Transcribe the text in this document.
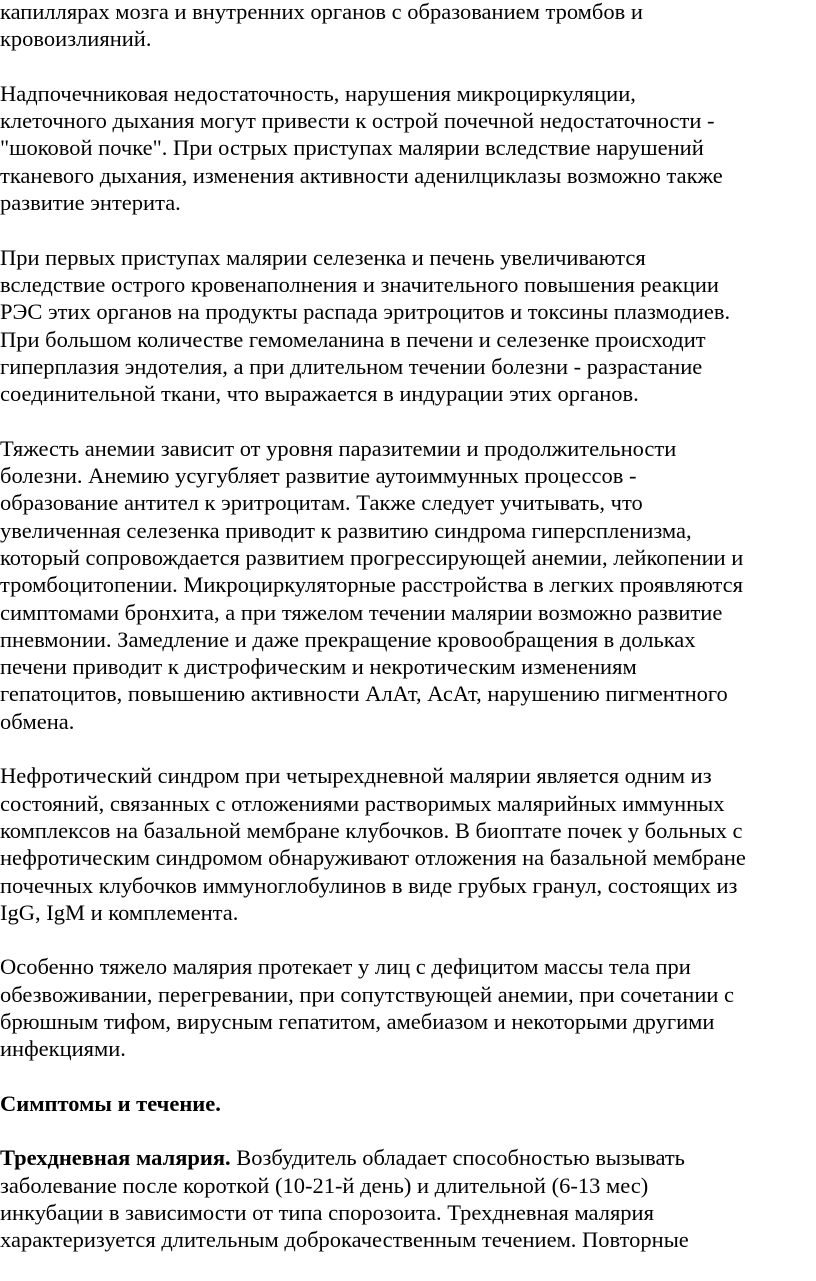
капиллярах мозга и внутренних органов с образованием тромбов и
кровоизлияний.

Надпочечниковая недостаточность, нарушения микроциркуляции,
клеточного дыхания могут привести к острой почечной недостаточности -
"шоковой почке". При острых приступах малярии вследствие нарушений
тканевого дыхания, изменения активности аденилциклазы возможно также
развитие энтерита.

При первых приступах малярии селезенка и печень увеличиваются
вследствие острого кровенаполнения и значительного повышения реакции
РЭС этих органов на продукты распада эритроцитов и токсины плазмодиев.
При большом количестве гемомеланина в печени и селезенке происходит
гиперплазия эндотелия, а при длительном течении болезни - разрастание
соединительной ткани, что выражается в индурации этих органов.

Тяжесть анемии зависит от уровня паразитемии и продолжительности
болезни. Анемию усугубляет развитие аутоиммунных процессов -
образование антител к эритроцитам. Также следует учитывать, что
увеличенная селезенка приводит к развитию синдрома гиперспленизма,
который сопровождается развитием прогрессирующей анемии, лейкопении и
тромбоцитопении. Микроциркуляторные расстройства в легких проявляются
симптомами бронхита, а при тяжелом течении малярии возможно развитие
пневмонии. Замедление и даже прекращение кровообращения в дольках
печени приводит к дистрофическим и некротическим изменениям
гепатоцитов, повышению активности АлАт, АсАт, нарушению пигментного
обмена.

Нефротический синдром при четырехдневной малярии является одним из
состояний, связанных с отложениями растворимых малярийных иммунных
комплексов на базальной мембране клубочков. В биоптате почек у больных с
нефротическим синдромом обнаруживают отложения на базальной мембране
почечных клубочков иммуноглобулинов в виде грубых гранул, состоящих из
IgG, IgM и комплемента.

Особенно тяжело малярия протекает у лиц с дефицитом массы тела при
обезвоживании, перегревании, при сопутствующей анемии, при сочетании с
брюшным тифом, вирусным гепатитом, амебиазом и некоторыми другими
инфекциями.

Симптомы и течение.

Трехдневная малярия. Возбудитель обладает способностью вызывать
заболевание после короткой (10-21-й день) и длительной (6-13 мес)
инкубации в зависимости от типа спорозоита. Трехдневная малярия
характеризуется длительным доброкачественным течением. Повторные
